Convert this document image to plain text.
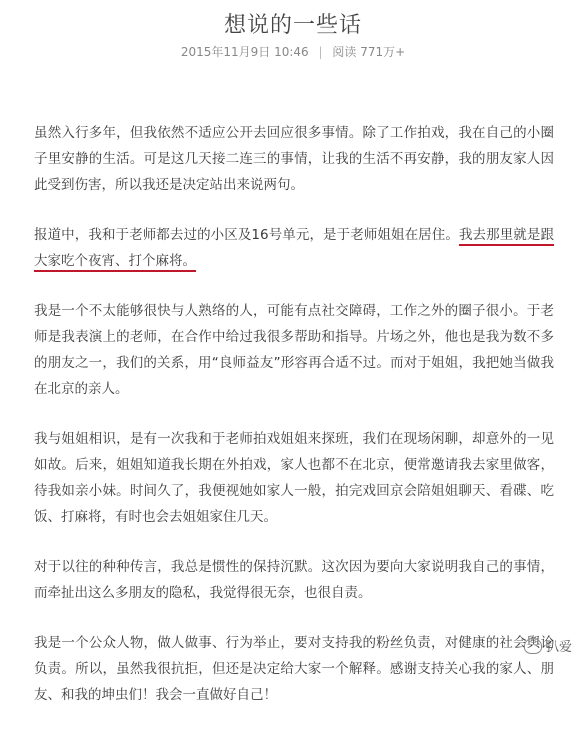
想说的一些话
2015年11月9日 10:46 | 阅读 771万+

虽然入行多年，但我依然不适应公开去回应很多事情。除了工作拍戏，我在自己的小圈子里安静的生活。可是这几天接二连三的事情，让我的生活不再安静，我的朋友家人因此受到伤害，所以我还是决定站出来说两句。

报道中，我和于老师都去过的小区及16号单元，是于老师姐姐在居住。我去那里就是跟大家吃个夜宵、打个麻将。

我是一个不太能够很快与人熟络的人，可能有点社交障碍，工作之外的圈子很小。于老师是我表演上的老师，在合作中给过我很多帮助和指导。片场之外，他也是我为数不多的朋友之一，我们的关系，用“良师益友”形容再合适不过。而对于姐姐，我把她当做我在北京的亲人。

我与姐姐相识，是有一次我和于老师拍戏姐姐来探班，我们在现场闲聊，却意外的一见如故。后来，姐姐知道我长期在外拍戏，家人也都不在北京，便常邀请我去家里做客，待我如亲小妹。时间久了，我便视她如家人一般，拍完戏回京会陪姐姐聊天、看碟、吃饭、打麻将，有时也会去姐姐家住几天。

对于以往的种种传言，我总是惯性的保持沉默。这次因为要向大家说明我自己的事情，而牵扯出这么多朋友的隐私，我觉得很无奈，也很自责。

我是一个公众人物，做人做事、行为举止，要对支持我的粉丝负责，对健康的社会舆论负责。所以，虽然我很抗拒，但还是决定给大家一个解释。感谢支持关心我的家人、朋友、和我的坤虫们！我会一直做好自己！

扒爱
